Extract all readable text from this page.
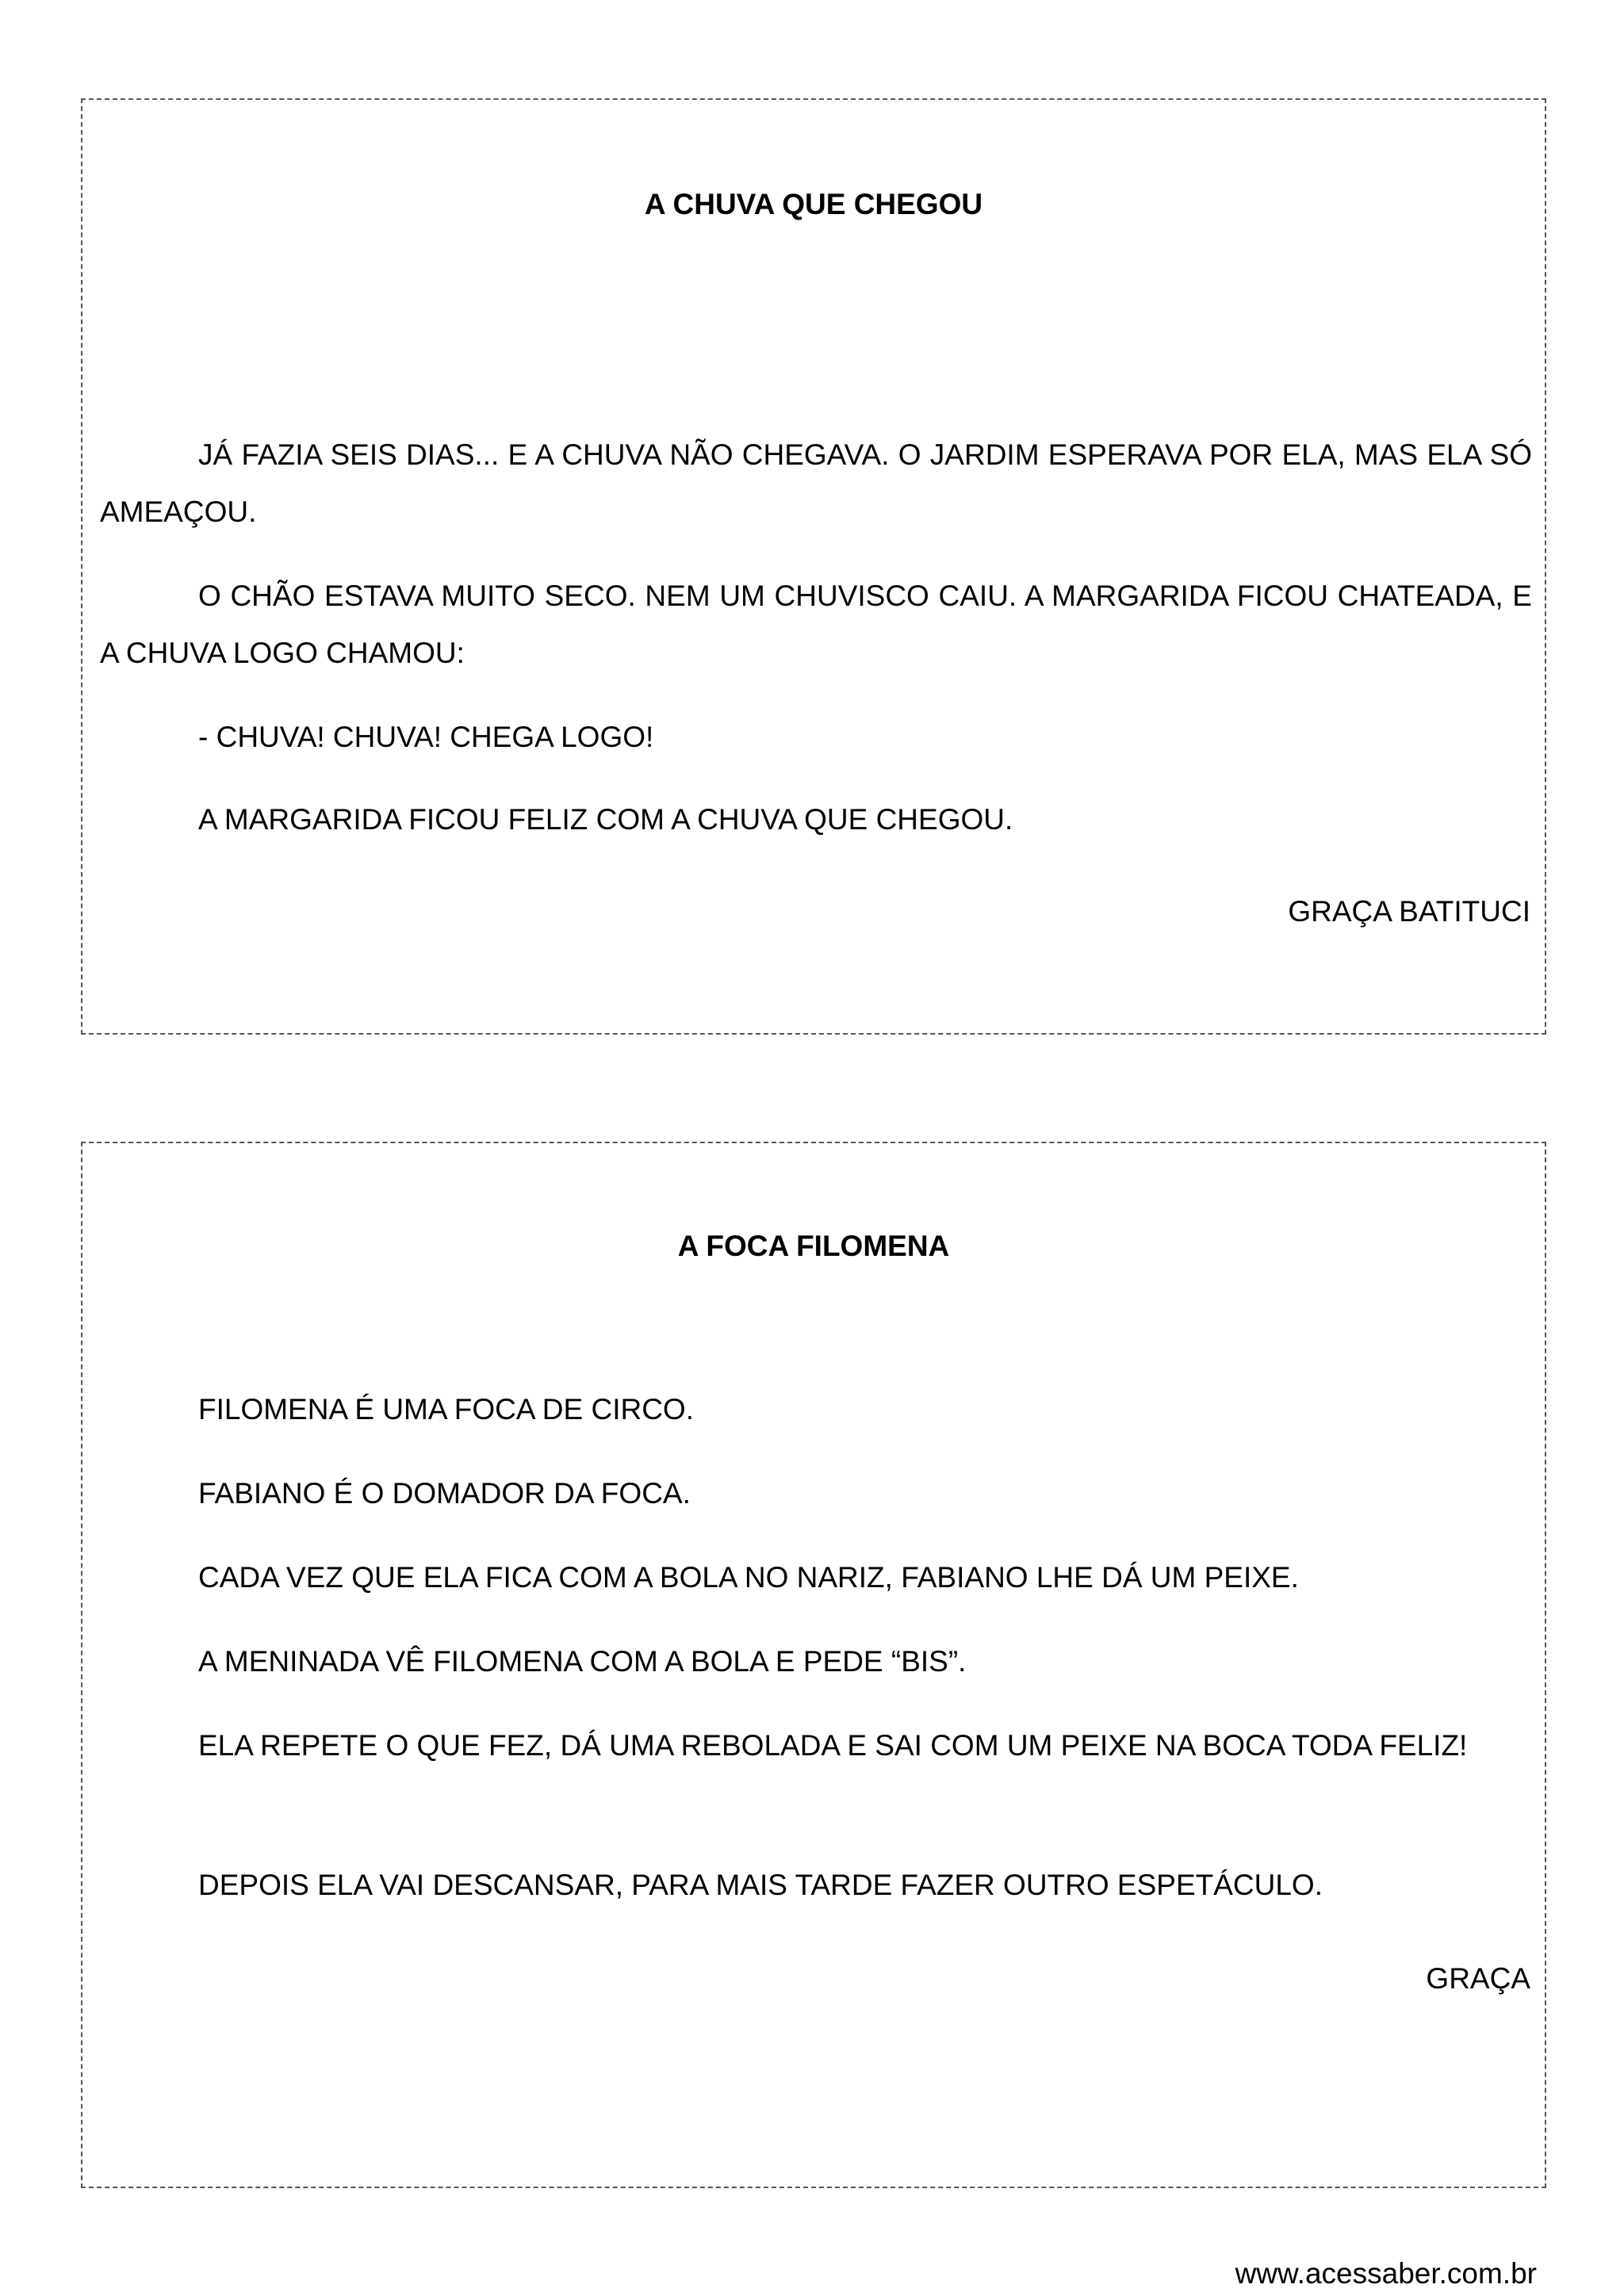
A CHUVA QUE CHEGOU

JÁ FAZIA SEIS DIAS... E A CHUVA NÃO CHEGAVA. O JARDIM ESPERAVA POR ELA, MAS ELA SÓ AMEAÇOU.

O CHÃO ESTAVA MUITO SECO. NEM UM CHUVISCO CAIU. A MARGARIDA FICOU CHATEADA, E A CHUVA LOGO CHAMOU:

- CHUVA! CHUVA! CHEGA LOGO!

A MARGARIDA FICOU FELIZ COM A CHUVA QUE CHEGOU.

GRAÇA BATITUCI

A FOCA FILOMENA

FILOMENA É UMA FOCA DE CIRCO.

FABIANO É O DOMADOR DA FOCA.

CADA VEZ QUE ELA FICA COM A BOLA NO NARIZ, FABIANO LHE DÁ UM PEIXE.

A MENINADA VÊ FILOMENA COM A BOLA E PEDE “BIS”.

ELA REPETE O QUE FEZ, DÁ UMA REBOLADA E SAI COM UM PEIXE NA BOCA TODA FELIZ!

DEPOIS ELA VAI DESCANSAR, PARA MAIS TARDE FAZER OUTRO ESPETÁCULO.

GRAÇA

www.acessaber.com.br
